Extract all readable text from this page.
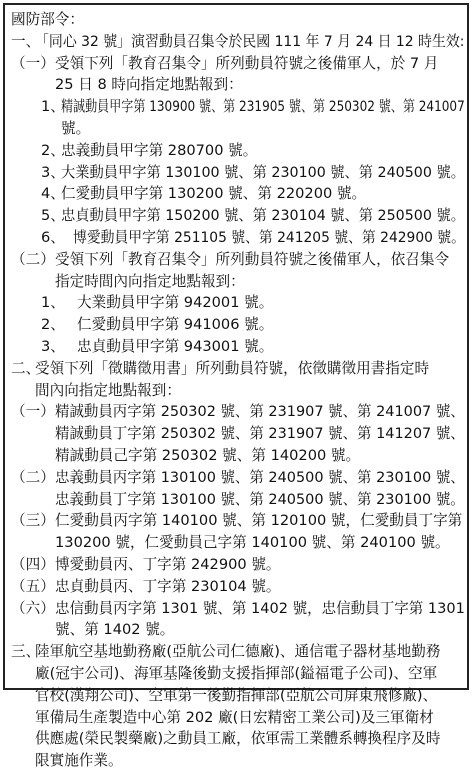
國防部令：
一、
「同心 32 號」演習動員召集令於民國 111 年 7 月 24 日 12 時生效:
（一） 受領下列「教育召集令」所列動員符號之後備軍人，於 7 月
25 日 8 時向指定地點報到：
1、
精誠動員甲字第 130900 號、第 231905 號、第 250302 號、第 241007
號。
2、
忠義動員甲字第 280700 號。
3、
大業動員甲字第 130100 號、第 230100 號、第 240500 號。
4、
仁愛動員甲字第 130200 號、第 220200 號。
5、
忠貞動員甲字第 150200 號、第 230104 號、第 250500 號。
6、 博愛動員甲字第 251105 號、第 241205 號、第 242900 號。
（二） 受領下列「教育召集令」所列動員符號之後備軍人，依召集令
指定時間內向指定地點報到：
1、 大業動員甲字第 942001 號。
2、 仁愛動員甲字第 941006 號。
3、 忠貞動員甲字第 943001 號。
二、
受領下列「徵購徵用書」所列動員符號，依徵購徵用書指定時
間內向指定地點報到：
（一） 精誠動員丙字第 250302 號、第 231907 號、第 241007 號、
精誠動員丁字第 250302 號、第 231907 號、第 141207 號、
精誠動員己字第 250302 號、第 140200 號。
（二） 忠義動員丙字第 130100 號、第 240500 號、第 230100 號、
忠義動員丁字第 130100 號、第 240500 號、第 230100 號。
（三） 仁愛動員丙字第 140100 號、第 120100 號，仁愛動員丁字第
130200 號，仁愛動員己字第 140100 號、第 240100 號。
（四） 博愛動員丙、丁字第 242900 號。
（五） 忠貞動員丙、丁字第 230104 號。
（六） 忠信動員丙字第 1301 號、第 1402 號，忠信動員丁字第 1301
號、第 1402 號。
三、
陸軍航空基地勤務廠(亞航公司仁德廠)、通信電子器材基地勤務
廠(冠宇公司)、海軍基隆後勤支援指揮部(鎰福電子公司)、空軍
官校(漢翔公司)、空軍第一後勤指揮部(亞航公司屏東飛修廠)、
軍備局生產製造中心第 202 廠(日宏精密工業公司)及三軍衛材
供應處(榮民製藥廠)之動員工廠，依軍需工業體系轉換程序及時
限實施作業。
